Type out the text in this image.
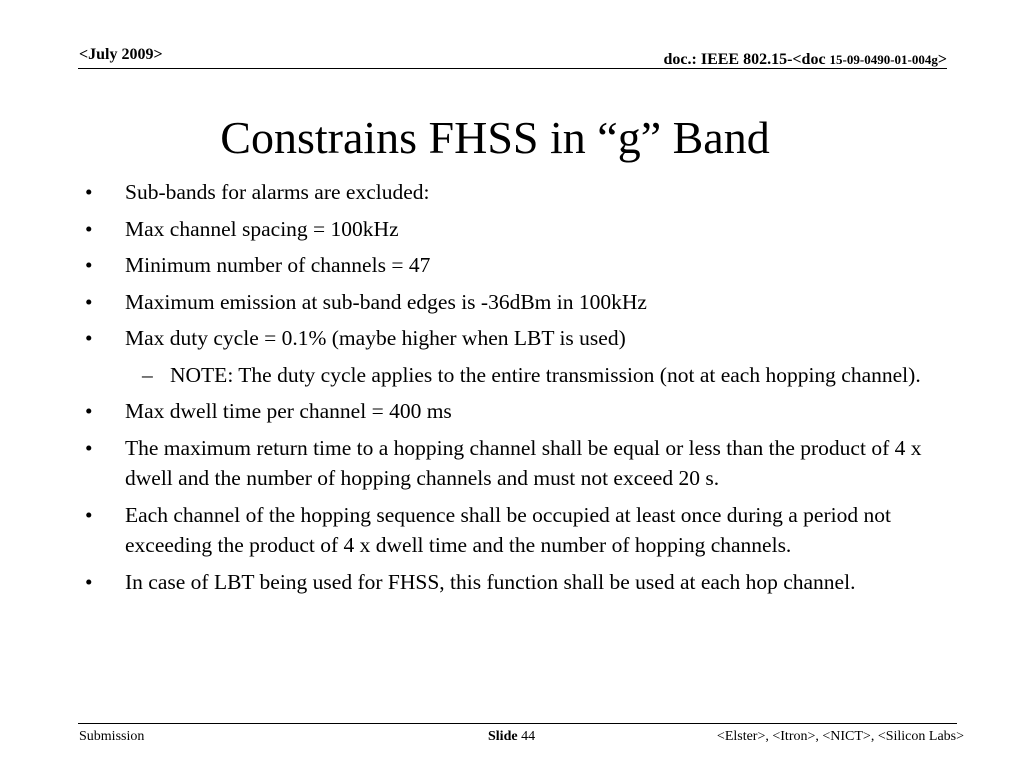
<July 2009>	doc.: IEEE 802.15-<doc 15-09-0490-01-004g>
Constrains FHSS in “g” Band
• Sub-bands for alarms are excluded:
• Max channel spacing = 100kHz
• Minimum number of channels = 47
• Maximum emission at sub-band edges is -36dBm in 100kHz
• Max duty cycle = 0.1% (maybe higher when LBT is used)
– NOTE: The duty cycle applies to the entire transmission (not at each hopping channel).
• Max dwell time per channel = 400 ms
• The maximum return time to a hopping channel shall be equal or less than the product of 4 x dwell and the number of hopping channels and must not exceed 20 s.
• Each channel of the hopping sequence shall be occupied at least once during a period not exceeding the product of 4 x dwell time and the number of hopping channels.
• In case of LBT being used for FHSS, this function shall be used at each hop channel.
Submission	Slide 44	<Elster>, <Itron>, <NICT>, <Silicon Labs>
